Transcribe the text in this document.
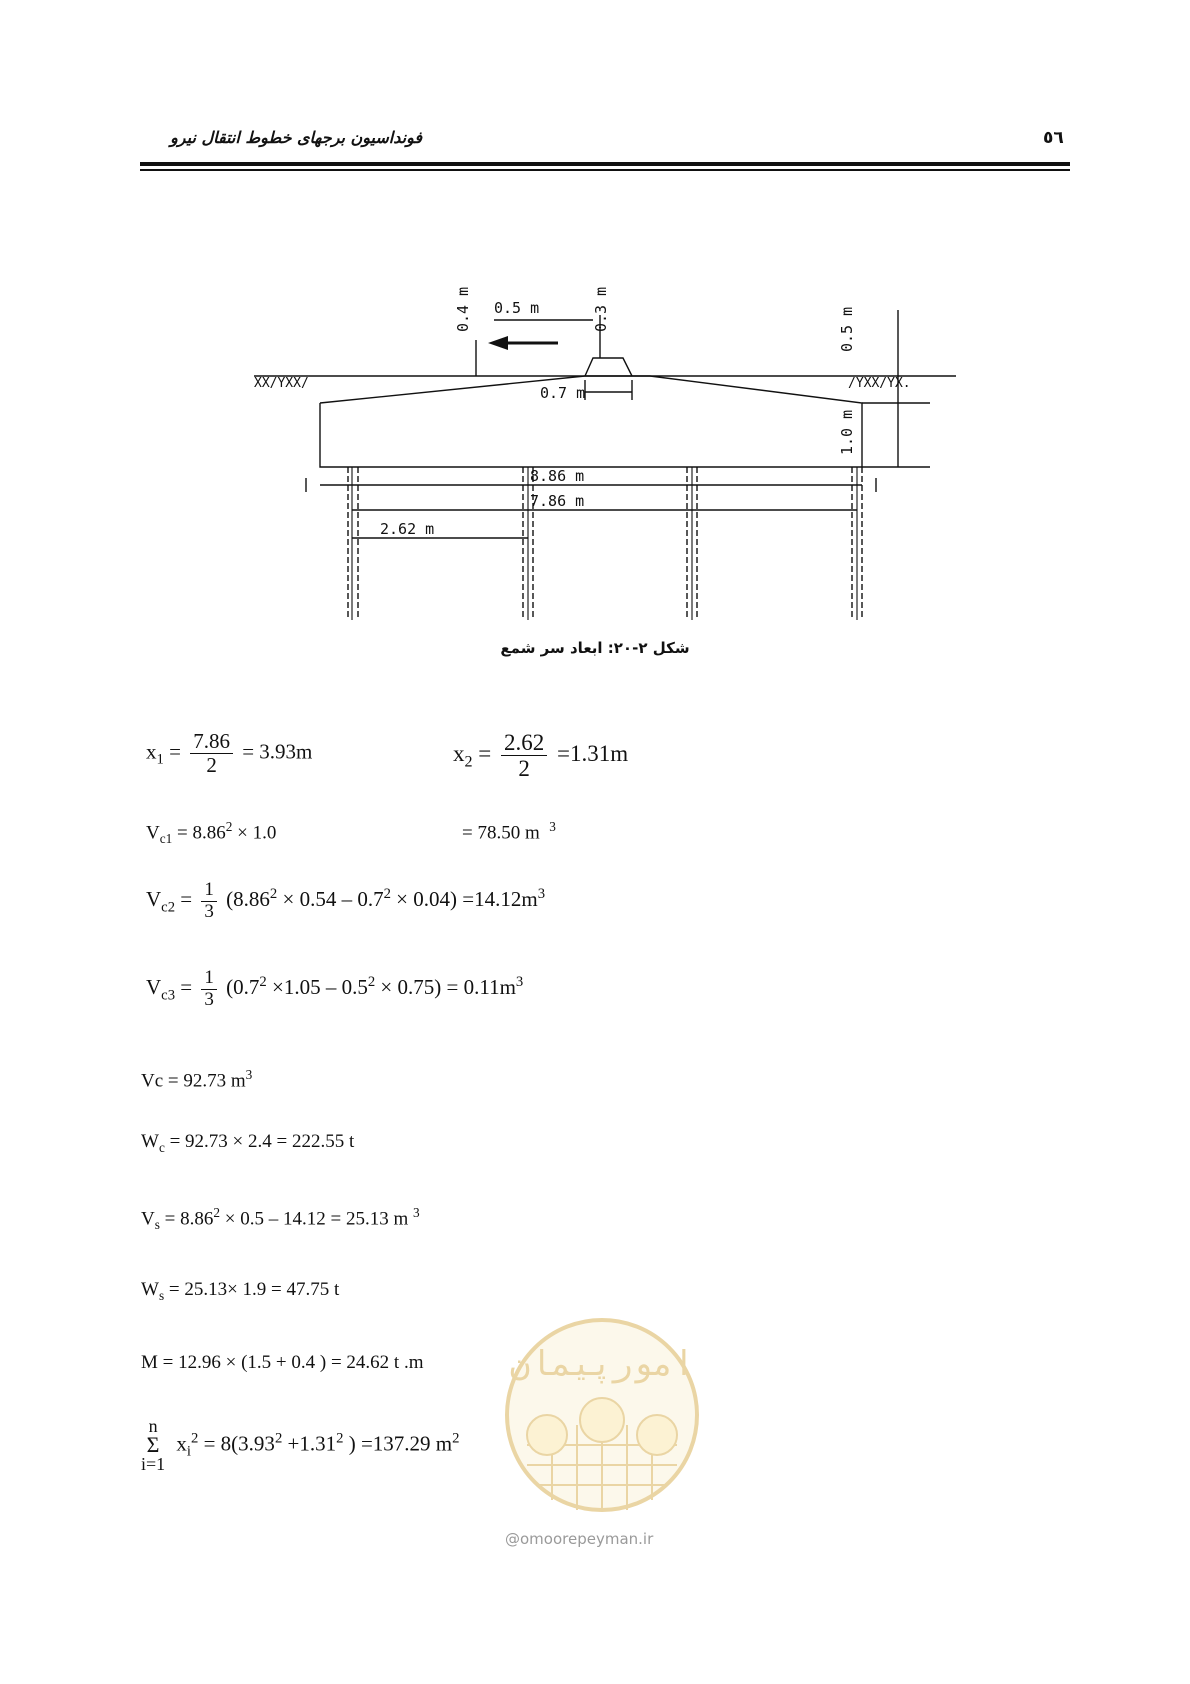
فونداسیون برجهای خطوط انتقال نیرو	٥٦
XX/YXX/	/YXX/YX.
0.4 m 0.5 m	0.3 m	0.5 m
0.7 m
1.0 m
8.86 m
7.86 m
2.62 m
شکل ۲-۲۰: ابعاد سر شمع
$x_1 = \frac{7.86}{2} = 3.93m$	$x_2 = \frac{2.62}{2} =1.31m$
$V_{c1} = 8.86^2 \times 1.0$	= 78.50 m $^3$
$V_{c2} = \frac{1}{3} (8.86^2 \times 0.54 - 0.7^2 \times 0.04) =14.12m^3$
$V_{c3} = \frac{1}{3} (0.7^2 \times 1.05 - 0.5^2 \times 0.75) = 0.11m^3$
Vc = 92.73 $m^3$
$W_c = 92.73 \times 2.4 = 222.55$ t
$V_s = 8.86^2 \times 0.5 - 14.12 = 25.13$ m $^3$
$W_s = 25.13\times 1.9 = 47.75$ t
M = 12.96 × (1.5 + 0.4 ) = 24.62 t .m
n
Σ
i=1
$x_i^2 = 8(3.93^2 +1.31^2$ ) =137.29 $m^2$
امورپیمان
@omoorepeyman.ir
